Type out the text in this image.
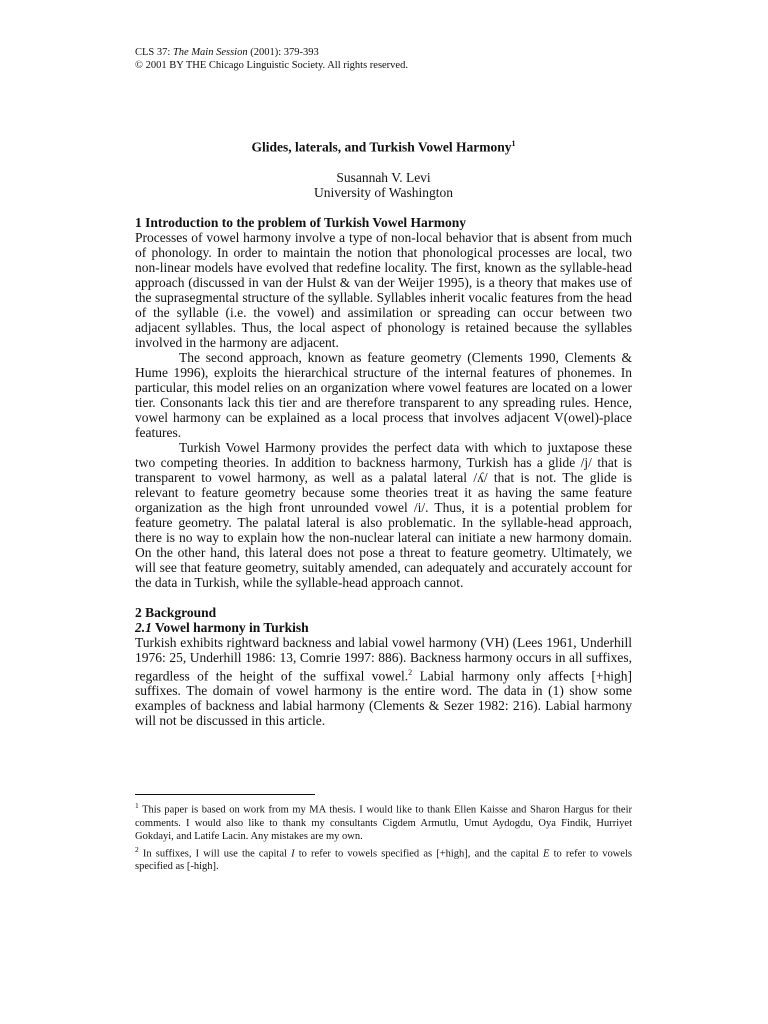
CLS 37: The Main Session (2001): 379-393
© 2001 BY THE Chicago Linguistic Society. All rights reserved.
Glides, laterals, and Turkish Vowel Harmony$^1$
Susannah V. Levi
University of Washington
1 Introduction to the problem of Turkish Vowel Harmony

Processes of vowel harmony involve a type of non-local behavior that is absent from much of phonology. In order to maintain the notion that phonological processes are local, two non-linear models have evolved that redefine locality. The first, known as the syllable-head approach (discussed in van der Hulst & van der Weijer 1995), is a theory that makes use of the suprasegmental structure of the syllable. Syllables inherit vocalic features from the head of the syllable (i.e. the vowel) and assimilation or spreading can occur between two adjacent syllables. Thus, the local aspect of phonology is retained because the syllables involved in the harmony are adjacent.

The second approach, known as feature geometry (Clements 1990, Clements & Hume 1996), exploits the hierarchical structure of the internal features of phonemes. In particular, this model relies on an organization where vowel features are located on a lower tier. Consonants lack this tier and are therefore transparent to any spreading rules. Hence, vowel harmony can be explained as a local process that involves adjacent V(owel)-place features.

Turkish Vowel Harmony provides the perfect data with which to juxtapose these two competing theories. In addition to backness harmony, Turkish has a glide /j/ that is transparent to vowel harmony, as well as a palatal lateral /ʎ/ that is not. The glide is relevant to feature geometry because some theories treat it as having the same feature organization as the high front unrounded vowel /i/. Thus, it is a potential problem for feature geometry. The palatal lateral is also problematic. In the syllable-head approach, there is no way to explain how the non-nuclear lateral can initiate a new harmony domain. On the other hand, this lateral does not pose a threat to feature geometry. Ultimately, we will see that feature geometry, suitably amended, can adequately and accurately account for the data in Turkish, while the syllable-head approach cannot.

2 Background
2.1 Vowel harmony in Turkish

Turkish exhibits rightward backness and labial vowel harmony (VH) (Lees 1961, Underhill 1976: 25, Underhill 1986: 13, Comrie 1997: 886). Backness harmony occurs in all suffixes, regardless of the height of the suffixal vowel.$^2$ Labial harmony only affects [+high] suffixes. The domain of vowel harmony is the entire word. The data in (1) show some examples of backness and labial harmony (Clements & Sezer 1982: 216). Labial harmony will not be discussed in this article.

$^1$ This paper is based on work from my MA thesis. I would like to thank Ellen Kaisse and Sharon Hargus for their comments. I would also like to thank my consultants Cigdem Armutlu, Umut Aydogdu, Oya Findik, Hurriyet Gokdayi, and Latife Lacin. Any mistakes are my own.
$^2$ In suffixes, I will use the capital I to refer to vowels specified as [+high], and the capital E to refer to vowels specified as [-high].
